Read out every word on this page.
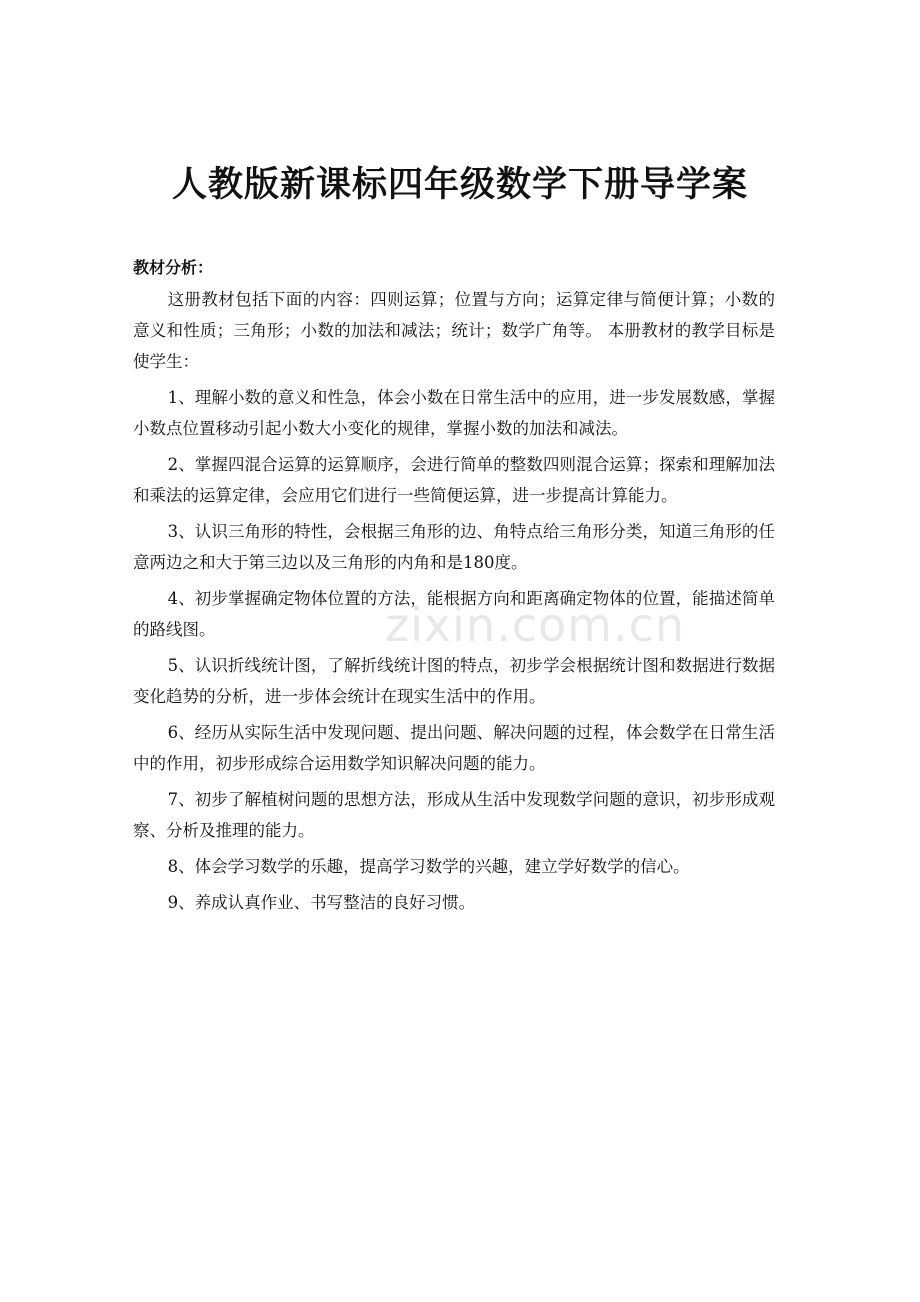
人教版新课标四年级数学下册导学案
教材分析：

这册教材包括下面的内容：四则运算；位置与方向；运算定律与简便计算；小数的意义和性质；三角形；小数的加法和减法；统计；数学广角等。 本册教材的教学目标是使学生：

1、理解小数的意义和性急，体会小数在日常生活中的应用，进一步发展数感，掌握小数点位置移动引起小数大小变化的规律，掌握小数的加法和减法。

2、掌握四混合运算的运算顺序，会进行简单的整数四则混合运算；探索和理解加法和乘法的运算定律，会应用它们进行一些简便运算，进一步提高计算能力。

3、认识三角形的特性，会根据三角形的边、角特点给三角形分类，知道三角形的任意两边之和大于第三边以及三角形的内角和是180度。

4、初步掌握确定物体位置的方法，能根据方向和距离确定物体的位置，能描述简单的路线图。

5、认识折线统计图，了解折线统计图的特点，初步学会根据统计图和数据进行数据变化趋势的分析，进一步体会统计在现实生活中的作用。

6、经历从实际生活中发现问题、提出问题、解决问题的过程，体会数学在日常生活中的作用，初步形成综合运用数学知识解决问题的能力。

7、初步了解植树问题的思想方法，形成从生活中发现数学问题的意识，初步形成观察、分析及推理的能力。

8、体会学习数学的乐趣，提高学习数学的兴趣，建立学好数学的信心。

9、养成认真作业、书写整洁的良好习惯。

zixin.com.cn
